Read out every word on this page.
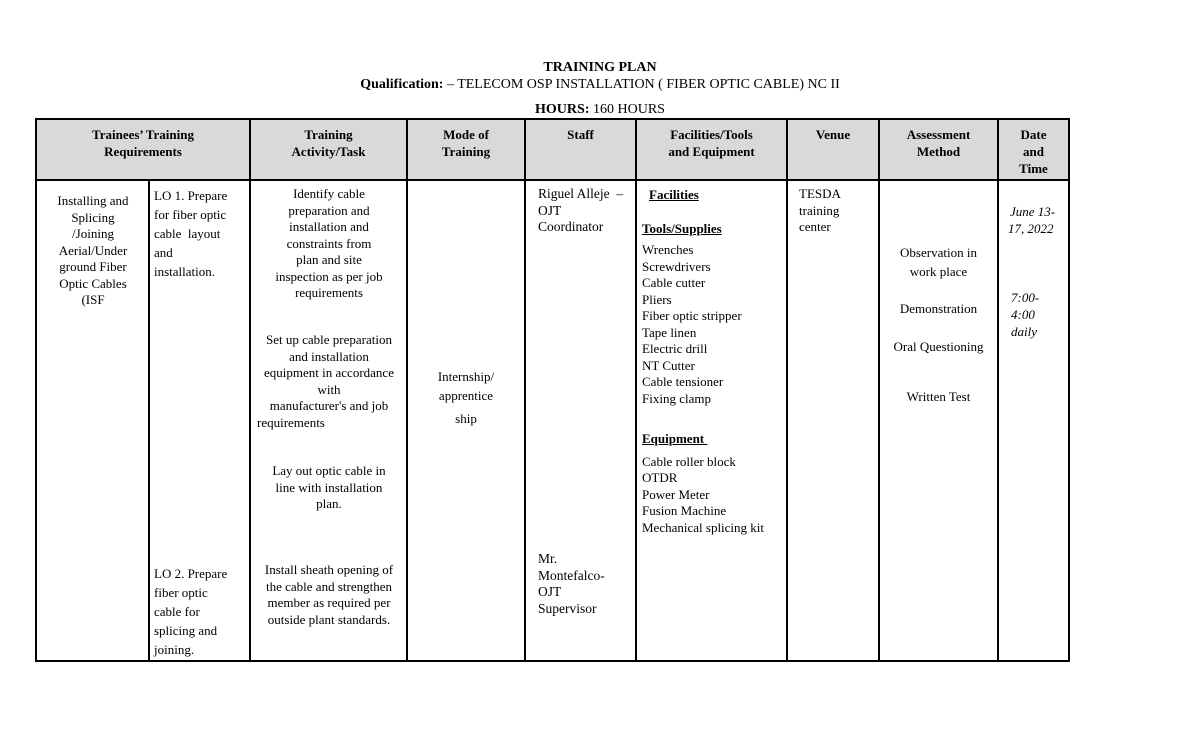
TRAINING PLAN
Qualification: – TELECOM OSP INSTALLATION ( FIBER OPTIC CABLE) NC II
HOURS: 160 HOURS
Trainees’ Training
Requirements
Training
Activity/Task
Mode of
Training
Staff	Facilities/Tools
and Equipment
Venue	Assessment
Method
Date
and
Time
Installing and
Splicing
/Joining
Aerial/Under
ground Fiber
Optic Cables
(ISF
LO 1. Prepare
for fiber optic
cable  layout
and
installation.
LO 2. Prepare
fiber optic
cable for
splicing and
joining.
Identify cable
preparation and
installation and
constraints from
plan and site
inspection as per job
requirements
Set up cable preparation
and installation
equipment in accordance
with
manufacturer's and job
requirements
Lay out optic cable in
line with installation
plan.
Install sheath opening of
the cable and strengthen
member as required per
outside plant standards.
Internship/
apprentice
ship
Riguel Alleje  –
OJT
Coordinator
Mr.
Montefalco-
OJT
Supervisor
Facilities
Tools/Supplies
Wrenches
Screwdrivers
Cable cutter
Pliers
Fiber optic stripper
Tape linen
Electric drill
NT Cutter
Cable tensioner
Fixing clamp
Equipment
Cable roller block
OTDR
Power Meter
Fusion Machine
Mechanical splicing kit
TESDA
training
center
Observation in
work place
Demonstration
Oral Questioning
Written Test
June 13-
17, 2022
7:00-
4:00
daily
